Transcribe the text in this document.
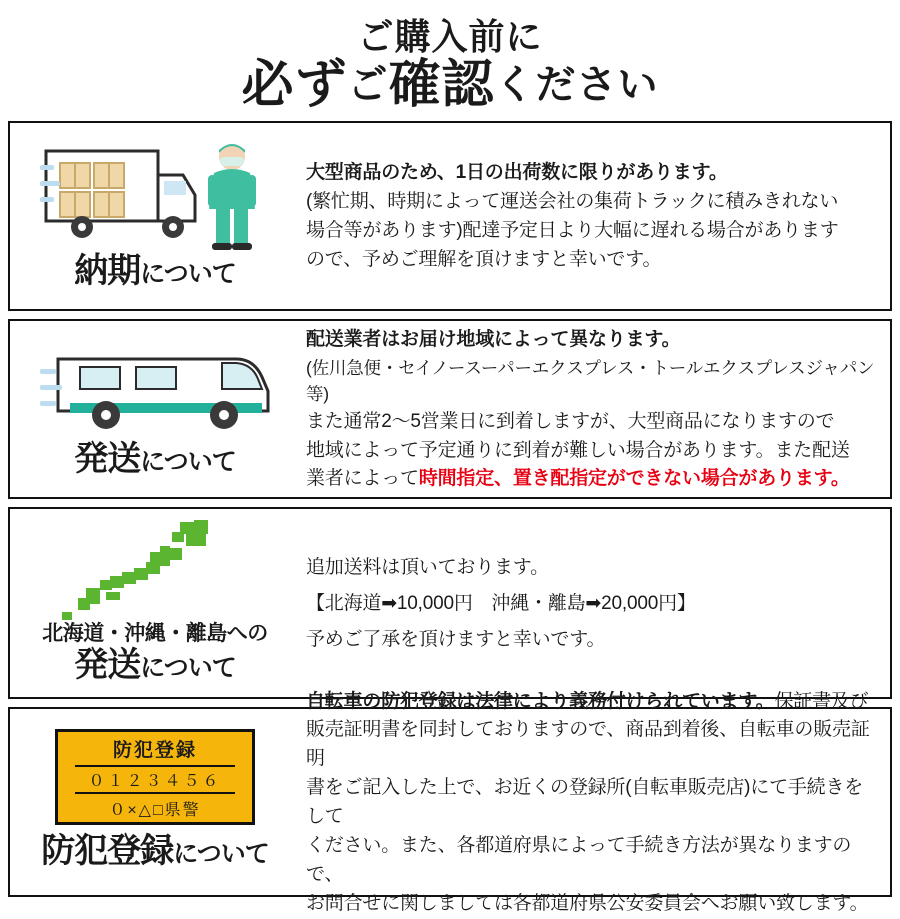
ご購入前に
必ずご確認ください
納期について
大型商品のため、1日の出荷数に限りがあります。
(繁忙期、時期によって運送会社の集荷トラックに積みきれない
場合等があります)配達予定日より大幅に遅れる場合があります
ので、予めご理解を頂けますと幸いです。
発送について
配送業者はお届け地域によって異なります。
(佐川急便・セイノースーパーエクスプレス・トールエクスプレスジャパン等)
また通常2〜5営業日に到着しますが、大型商品になりますので
地域によって予定通りに到着が難しい場合があります。また配送
業者によって時間指定、置き配指定ができない場合があります。
北海道・沖縄・離島への
発送について
追加送料は頂いております。
【北海道➡10,000円　沖縄・離島➡20,000円】
予めご了承を頂けますと幸いです。
防犯登録
０１２３４５６
０×△□県警
防犯登録について
自転車の防犯登録は法律により義務付けられています。保証書及び
販売証明書を同封しておりますので、商品到着後、自転車の販売証明
書をご記入した上で、お近くの登録所(自転車販売店)にて手続きをして
ください。また、各都道府県によって手続き方法が異なりますので、
お問合せに関しましては各都道府県公安委員会へお願い致します。
